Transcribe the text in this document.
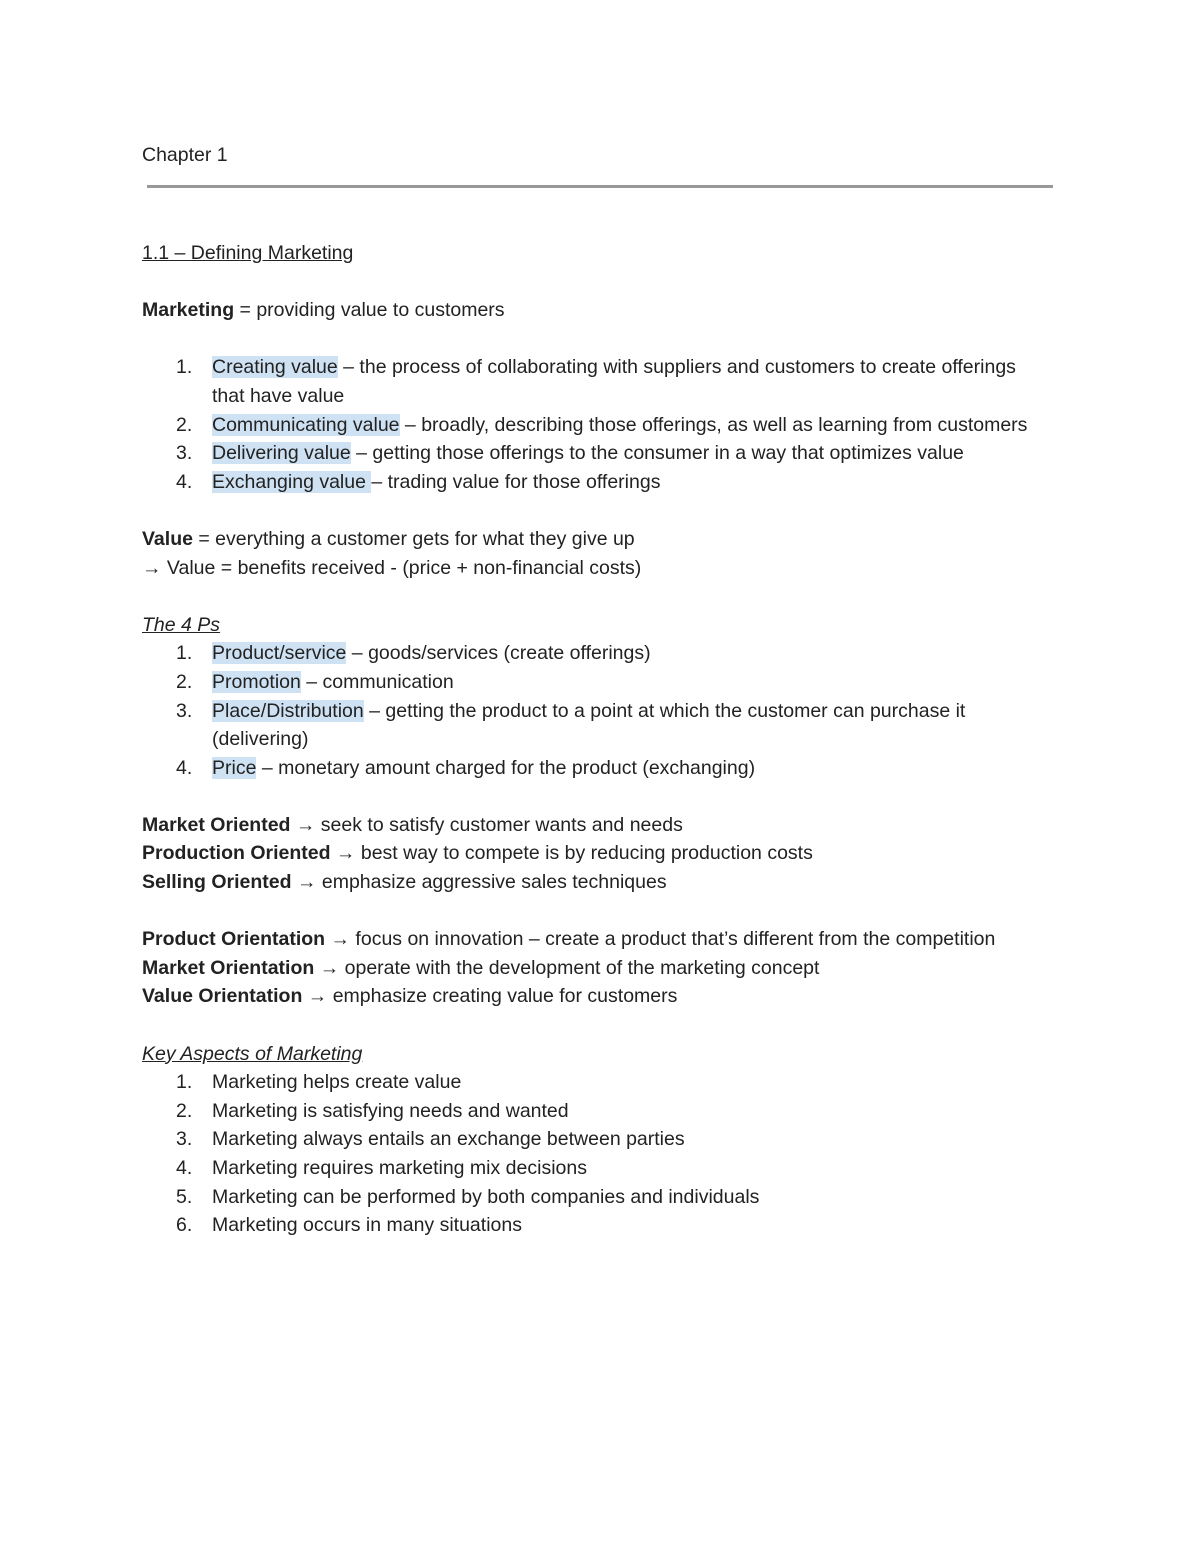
Chapter 1
1.1 – Defining Marketing
Marketing = providing value to customers
1. Creating value – the process of collaborating with suppliers and customers to create offerings that have value
2. Communicating value – broadly, describing those offerings, as well as learning from customers
3. Delivering value – getting those offerings to the consumer in a way that optimizes value
4. Exchanging value – trading value for those offerings
Value = everything a customer gets for what they give up
→ Value = benefits received - (price + non-financial costs)
The 4 Ps
1. Product/service – goods/services (create offerings)
2. Promotion – communication
3. Place/Distribution – getting the product to a point at which the customer can purchase it (delivering)
4. Price – monetary amount charged for the product (exchanging)
Market Oriented → seek to satisfy customer wants and needs
Production Oriented → best way to compete is by reducing production costs
Selling Oriented → emphasize aggressive sales techniques
Product Orientation → focus on innovation – create a product that’s different from the competition
Market Orientation → operate with the development of the marketing concept
Value Orientation → emphasize creating value for customers
Key Aspects of Marketing
1. Marketing helps create value
2. Marketing is satisfying needs and wanted
3. Marketing always entails an exchange between parties
4. Marketing requires marketing mix decisions
5. Marketing can be performed by both companies and individuals
6. Marketing occurs in many situations
